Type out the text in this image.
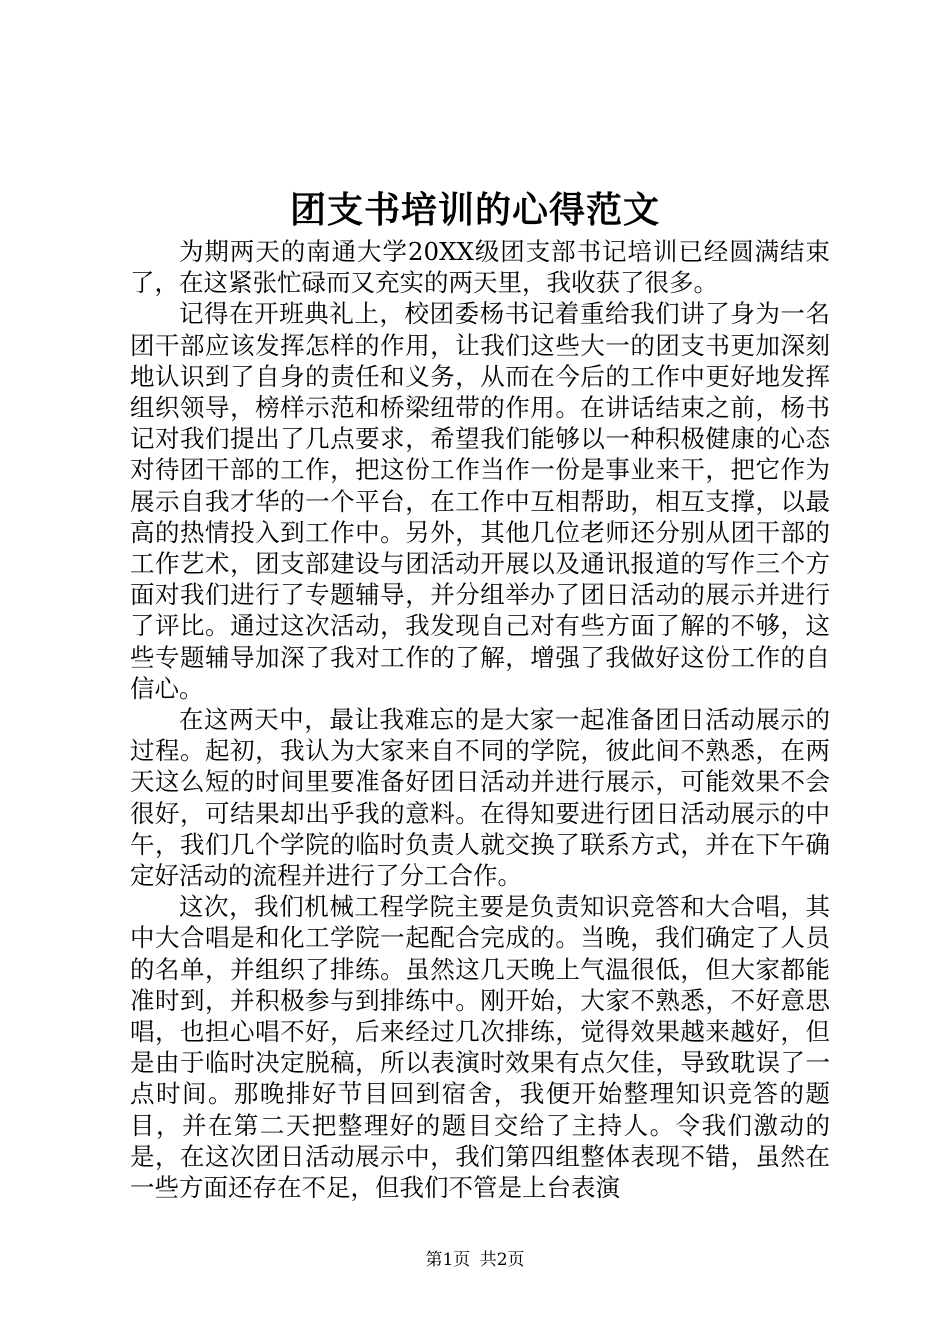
团支书培训的心得范文

为期两天的南通大学20XX级团支部书记培训已经圆满结束了，在这紧张忙碌而又充实的两天里，我收获了很多。

记得在开班典礼上，校团委杨书记着重给我们讲了身为一名团干部应该发挥怎样的作用，让我们这些大一的团支书更加深刻地认识到了自身的责任和义务，从而在今后的工作中更好地发挥组织领导，榜样示范和桥梁纽带的作用。在讲话结束之前，杨书记对我们提出了几点要求，希望我们能够以一种积极健康的心态对待团干部的工作，把这份工作当作一份是事业来干，把它作为展示自我才华的一个平台，在工作中互相帮助，相互支撑，以最高的热情投入到工作中。另外，其他几位老师还分别从团干部的工作艺术，团支部建设与团活动开展以及通讯报道的写作三个方面对我们进行了专题辅导，并分组举办了团日活动的展示并进行了评比。通过这次活动，我发现自己对有些方面了解的不够，这些专题辅导加深了我对工作的了解，增强了我做好这份工作的自信心。

在这两天中，最让我难忘的是大家一起准备团日活动展示的过程。起初，我认为大家来自不同的学院，彼此间不熟悉，在两天这么短的时间里要准备好团日活动并进行展示，可能效果不会很好，可结果却出乎我的意料。在得知要进行团日活动展示的中午，我们几个学院的临时负责人就交换了联系方式，并在下午确定好活动的流程并进行了分工合作。

这次，我们机械工程学院主要是负责知识竞答和大合唱，其中大合唱是和化工学院一起配合完成的。当晚，我们确定了人员的名单，并组织了排练。虽然这几天晚上气温很低，但大家都能准时到，并积极参与到排练中。刚开始，大家不熟悉，不好意思唱，也担心唱不好，后来经过几次排练，觉得效果越来越好，但是由于临时决定脱稿，所以表演时效果有点欠佳，导致耽误了一点时间。那晚排好节目回到宿舍，我便开始整理知识竞答的题目，并在第二天把整理好的题目交给了主持人。令我们激动的是，在这次团日活动展示中，我们第四组整体表现不错，虽然在一些方面还存在不足，但我们不管是上台表演

第1页 共2页
